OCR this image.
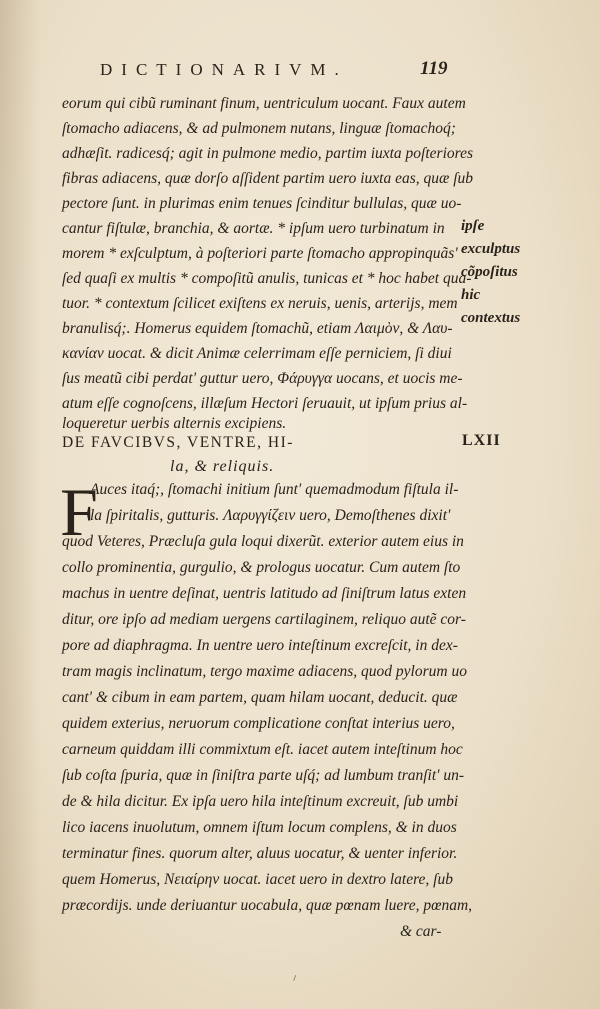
DICTIONARIVM.	119
eorum qui cibũ ruminant finum, uentriculum uocant. Faux autem
ſtomacho adiacens, & ad pulmonem nutans, linguæ ſtomachoq́;
adhæſit. radicesq́; agit in pulmone medio, partim iuxta poſteriores
fibras adiacens, quæ dorſo aſſident partim uero iuxta eas, quæ ſub
pectore ſunt. in plurimas enim tenues ſcinditur bullulas, quæ uo-
cantur fiſtulæ, branchia, & aortæ. * ipſum uero turbinatum in
morem * exſculptum, à poſteriori parte ſtomacho appropinquãs'
ſed quaſi ex multis * compoſitũ anulis, tunicas et * hoc habet qua-
tuor. * contextum ſcilicet exiſtens ex neruis, uenis, arterijs, mem
branulisq́;. Homerus equidem ſtomachũ, etiam Λαιμὸν, & Λαυ-
κανίαν uocat. & dicit Animæ celerrimam eſſe perniciem, ſi diui
ſus meatũ cibi perdat' guttur uero, Φάρυγγα uocans, et uocis me-
atum eſſe cognoſcens, illæſum Hectori ſeruauit, ut ipſum prius al-
loqueretur uerbis alternis excipiens.
ipſe
exculptus
cõpoſitus
hic
contextus
DE FAVCIBVS, VENTRE, HI-
la, & reliquis.
LXII
F
Auces itaq́;, ſtomachi initium ſunt' quemadmodum fiſtula il-
la ſpiritalis, gutturis. Λαρυγγίζειν uero, Demoſthenes dixit'
quod Veteres, Præcluſa gula loqui dixerũt. exterior autem eius in
collo prominentia, gurgulio, & prologus uocatur. Cum autem ſto
machus in uentre deſinat, uentris latitudo ad ſiniſtrum latus exten
ditur, ore ipſo ad mediam uergens cartilaginem, reliquo autẽ cor-
pore ad diaphragma. In uentre uero inteſtinum excreſcit, in dex-
tram magis inclinatum, tergo maxime adiacens, quod pylorum uo
cant' & cibum in eam partem, quam hilam uocant, deducit. quæ
quidem exterius, neruorum complicatione conſtat interius uero,
carneum quiddam illi commixtum eſt. iacet autem inteſtinum hoc
ſub coſta ſpuria, quæ in ſiniſtra parte uſq́; ad lumbum tranſit' un-
de & hila dicitur. Ex ipſa uero hila inteſtinum excreuit, ſub umbi
lico iacens inuolutum, omnem iſtum locum complens, & in duos
terminatur fines. quorum alter, aluus uocatur, & uenter inferior.
quem Homerus, Νειαίρην uocat. iacet uero in dextro latere, ſub
præcordijs. unde deriuantur uocabula, quæ pœnam luere, pœnam,
& car-
